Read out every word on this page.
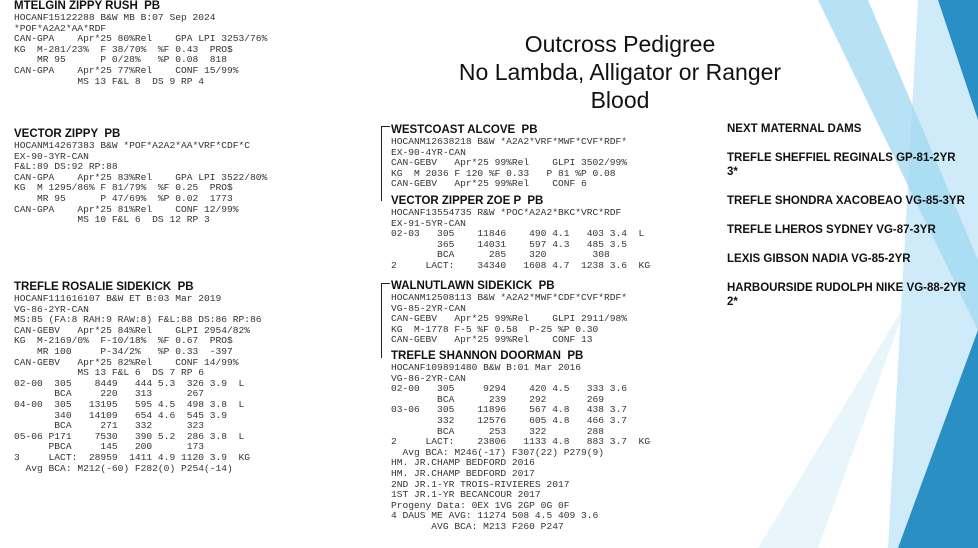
Outcross Pedigree
No Lambda, Alligator or Ranger Blood
MTELGIN ZIPPY RUSH  PB
HOCANF15122288 B&W MB B:07 Sep 2024
*POF*A2A2*AA*RDF
CAN-GPA    Apr*25 80%Rel    GPA LPI 3253/76%
KG  M-281/23%  F 38/70%  %F 0.43  PRO$
MR 95      P 0/28%   %P 0.08  818
CAN-GPA    Apr*25 77%Rel    CONF 15/99%
MS 13 F&L 8  DS 9 RP 4
VECTOR ZIPPY  PB
HOCANM14267383 B&W *POF*A2A2*AA*VRF*CDF*C
EX-90-3YR-CAN
F&L:89 DS:92 RP:88
CAN-GPA    Apr*25 83%Rel    GPA LPI 3522/80%
KG  M 1295/86% F 81/79%  %F 0.25  PRO$
MR 95      P 47/69%  %P 0.02  1773
CAN-GPA    Apr*25 81%Rel    CONF 12/99%
MS 10 F&L 6  DS 12 RP 3
TREFLE ROSALIE SIDEKICK  PB
HOCANF111616107 B&W ET B:03 Mar 2019
VG-86-2YR-CAN
MS:85 (FA:8 RAH:9 RAW:8) F&L:88 DS:86 RP:86
CAN-GEBV   Apr*25 84%Rel    GLPI 2954/82%
KG  M-2169/0%  F-10/18%  %F 0.67  PRO$
MR 100     P-34/2%   %P 0.33  -397
CAN-GEBV   Apr*25 82%Rel    CONF 14/99%
MS 13 F&L 6  DS 7 RP 6
02-00  305    8449   444 5.3  326 3.9  L
BCA     220   313      267
04-00  305   13195   595 4.5  498 3.8  L
340   14109   654 4.6  545 3.9
BCA     271   332      323
05-06 P171    7530   390 5.2  286 3.8  L
PBCA     145   200      173
3     LACT:  28959  1411 4.9 1120 3.9  KG
Avg BCA: M212(-60) F282(0) P254(-14)
WESTCOAST ALCOVE  PB
HOCANM12638218 B&W *A2A2*VRF*MWF*CVF*RDF*
EX-90-4YR-CAN
CAN-GEBV   Apr*25 99%Rel    GLPI 3502/99%
KG  M 2036 F 120 %F 0.33   P 81 %P 0.08
CAN-GEBV   Apr*25 99%Rel    CONF 6
VECTOR ZIPPER ZOE P  PB
HOCANF13554735 R&W *POC*A2A2*BKC*VRC*RDF
EX-91-5YR-CAN
02-03   305    11846    490 4.1   403 3.4  L
365    14031    597 4.3   485 3.5
BCA      285    320        308
2     LACT:    34340   1608 4.7  1238 3.6  KG
WALNUTLAWN SIDEKICK  PB
HOCANM12508113 B&W *A2A2*MWF*CDF*CVF*RDF*
VG-85-2YR-CAN
CAN-GEBV   Apr*25 99%Rel    GLPI 2911/98%
KG  M-1778 F-5 %F 0.58  P-25 %P 0.30
CAN-GEBV   Apr*25 99%Rel    CONF 13
TREFLE SHANNON DOORMAN  PB
HOCANF109891480 B&W B:01 Mar 2016
VG-86-2YR-CAN
02-00   305     9294    420 4.5   333 3.6
BCA      239    292       269
03-06   305    11896    567 4.8   438 3.7
332    12576    605 4.8   466 3.7
BCA      253    322       288
2     LACT:    23806   1133 4.8   883 3.7  KG
Avg BCA: M246(-17) F307(22) P279(9)
HM. JR.CHAMP BEDFORD 2016
HM. JR.CHAMP BEDFORD 2017
2ND JR.1-YR TROIS-RIVIERES 2017
1ST JR.1-YR BECANCOUR 2017
Progeny Data: 0EX 1VG 2GP 0G 0F
4 DAUS ME AVG: 11274 508 4.5 409 3.6
AVG BCA: M213 F260 P247
NEXT MATERNAL DAMS
TREFLE SHEFFIEL REGINALS GP-81-2YR 3*
TREFLE SHONDRA XACOBEAO VG-85-3YR
TREFLE LHEROS SYDNEY VG-87-3YR
LEXIS GIBSON NADIA VG-85-2YR
HARBOURSIDE RUDOLPH NIKE VG-88-2YR 2*
